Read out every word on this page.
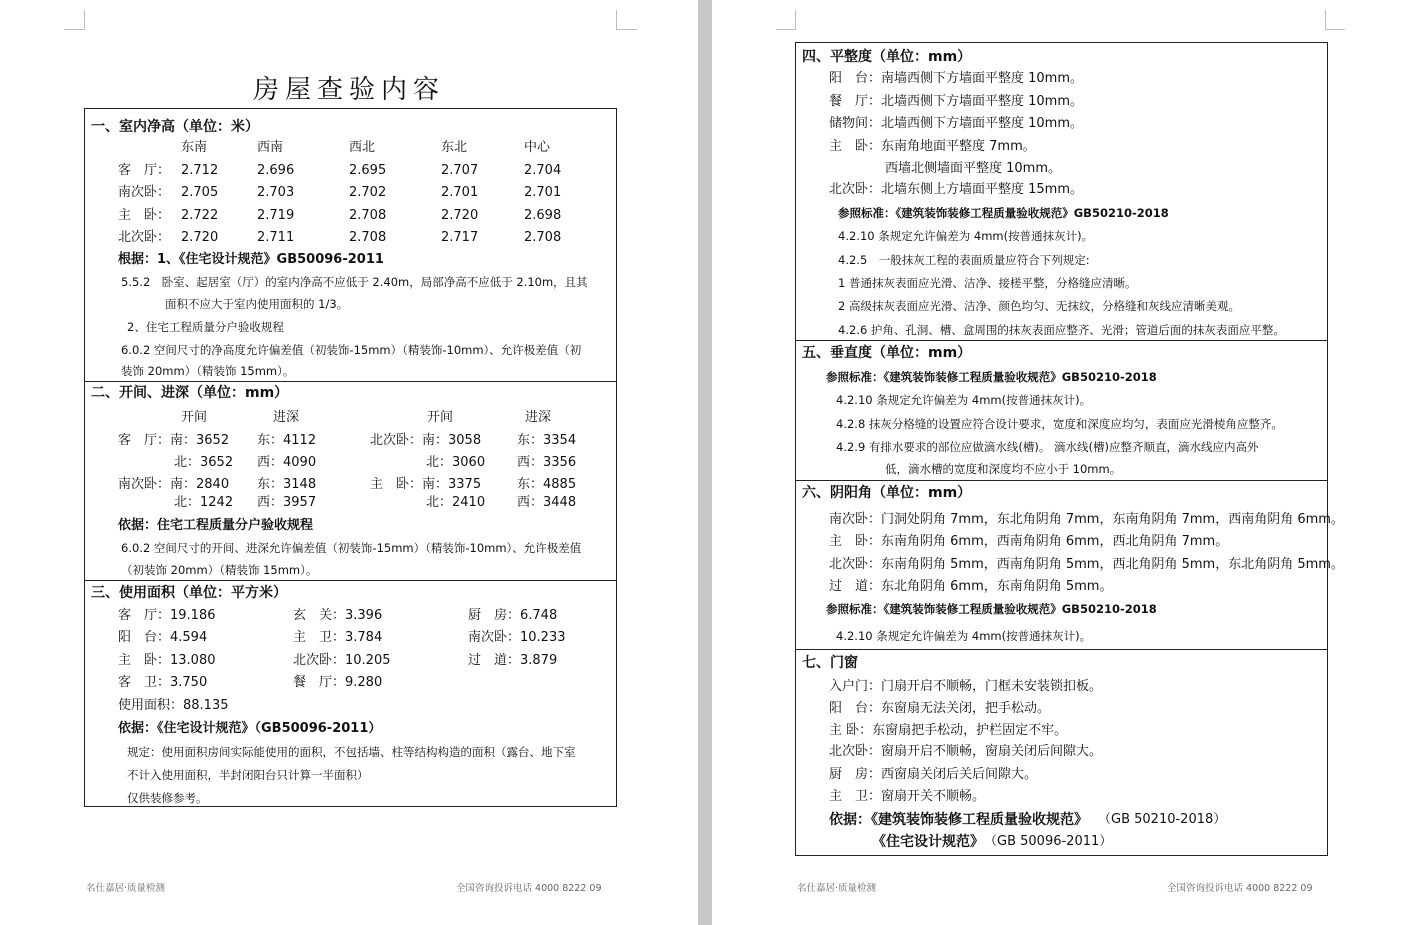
房屋查验内容
一、室内净高（单位：米）
东南	西南	西北	东北	中心
客　厅： 2.712	2.696	2.695	2.707	2.704
南次卧： 2.705	2.703	2.702	2.701	2.701
主　卧： 2.722	2.719	2.708	2.720	2.698
北次卧： 2.720	2.711	2.708	2.717	2.708
根据：1、《住宅设计规范》GB50096-2011
5.5.2　卧室、起居室（厅）的室内净高不应低于 2.40m，局部净高不应低于 2.10m，且其
面积不应大于室内使用面积的 1/3。
2、住宅工程质量分户验收规程
6.0.2 空间尺寸的净高度允许偏差值（初装饰-15mm）（精装饰-10mm）、允许极差值（初
装饰 20mm）（精装饰 15mm）。
二、开间、进深（单位：mm）
开间	进深	开间	进深
客　厅：南：3652 东：4112	北次卧：南：3058	东：3354
北：3652 西：4090	北：3060 西：3356
南次卧：南：2840 东：3148	主　卧：南：3375	东：4885
北：1242 西：3957	北：2410 西：3448
依据：住宅工程质量分户验收规程
6.0.2 空间尺寸的开间、进深允许偏差值（初装饰-15mm）（精装饰-10mm）、允许极差值
（初装饰 20mm）（精装饰 15mm）。
三、使用面积（单位：平方米）
客　厅：19.186	玄　关：3.396	厨　房：6.748
阳　台：4.594	主　卫：3.784	南次卧：10.233
主　卧：13.080	北次卧：10.205	过　道：3.879
客　卫：3.750	餐　厅：9.280
使用面积：88.135
依据：《住宅设计规范》（GB50096-2011）
规定：使用面积房间实际能使用的面积，不包括墙、柱等结构构造的面积（露台、地下室
不计入使用面积，半封闭阳台只计算一半面积）
仅供装修参考。
名仕嘉居·质量检测	全国咨询投诉电话 4000 8222 09
四、平整度（单位：mm）
阳　台：南墙西侧下方墙面平整度 10mm。
餐　厅：北墙西侧下方墙面平整度 10mm。
储物间：北墙西侧下方墙面平整度 10mm。
主　卧：东南角地面平整度 7mm。
西墙北侧墙面平整度 10mm。
北次卧：北墙东侧上方墙面平整度 15mm。
参照标准：《建筑装饰装修工程质量验收规范》GB50210-2018
4.2.10 条规定允许偏差为 4mm(按普通抹灰计)。
4.2.5　一般抹灰工程的表面质量应符合下列规定:
1 普通抹灰表面应光滑、洁净、接槎平整，分格缝应清晰。
2 高级抹灰表面应光滑、洁净、颜色均匀、无抹纹，分格缝和灰线应清晰美观。
4.2.6 护角、孔洞、槽、盒周围的抹灰表面应整齐、光滑；管道后面的抹灰表面应平整。
五、垂直度（单位：mm）
参照标准：《建筑装饰装修工程质量验收规范》GB50210-2018
4.2.10 条规定允许偏差为 4mm(按普通抹灰计)。
4.2.8 抹灰分格缝的设置应符合设计要求，宽度和深度应均匀，表面应光滑棱角应整齐。
4.2.9 有排水要求的部位应做滴水线(槽)。 滴水线(槽)应整齐顺直，滴水线应内高外
低，滴水槽的宽度和深度均不应小于 10mm。
六、阴阳角（单位：mm）
南次卧：门洞处阴角 7mm，东北角阴角 7mm，东南角阴角 7mm，西南角阴角 6mm。
主　卧：东南角阴角 6mm，西南角阴角 6mm，西北角阴角 7mm。
北次卧：东南角阴角 5mm，西南角阴角 5mm，西北角阴角 5mm，东北角阴角 5mm。
过　道：东北角阴角 6mm，东南角阴角 5mm。
参照标准：《建筑装饰装修工程质量验收规范》GB50210-2018
4.2.10 条规定允许偏差为 4mm(按普通抹灰计)。
七、门窗
入户门：门扇开启不顺畅，门框未安装锁扣板。
阳　台：东窗扇无法关闭，把手松动。
主 卧：东窗扇把手松动，护栏固定不牢。
北次卧：窗扇开启不顺畅，窗扇关闭后间隙大。
厨　房：西窗扇关闭后关后间隙大。
主　卫：窗扇开关不顺畅。
依据：《建筑装饰装修工程质量验收规范》 （GB 50210-2018）
《住宅设计规范》 （GB 50096-2011）
名仕嘉居·质量检测	全国咨询投诉电话 4000 8222 09
